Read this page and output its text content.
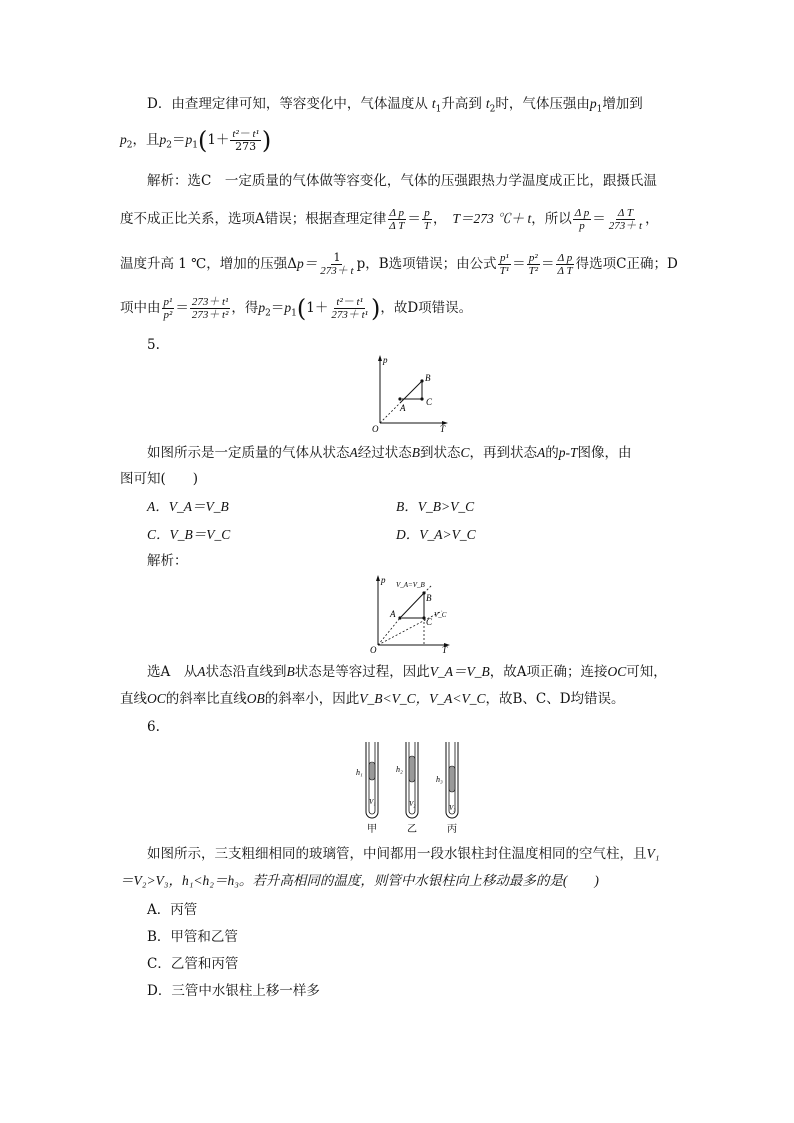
D．由查理定律可知，等容变化中，气体温度从 $t_1$升高到 $t_2$时，气体压强由$p_1$增加到
$p_2$，且$p_2=p_1(1+ \frac{\text{t²－ t¹}}{273}$ )
解析：选C　一定质量的气体做等容变化，气体的压强跟热力学温度成正比，跟摄氏温
度不成正比关系，选项A错误；根据查理定律 $\frac{\text{Δ p}}{\text{Δ T}} = \frac{p}{T}$ ， T＝273 ℃＋ t，所以 $\frac{\text{Δ p}}{p} = \frac{\text{Δ T}}{273+ t}$ ，
温度升高 1 ℃，增加的压强$\Delta p= \frac{1}{273+ t}$ p，B选项错误；由公式 $\frac{\text{p¹}}{\text{T¹}} = \frac{\text{p²}}{\text{T²}} = \frac{\text{Δ p}}{\text{Δ T}}$ 得选项C正确；D
项中由 $\frac{\text{p¹}}{\text{p²}} = \frac{\text{273＋ t¹}}{\text{273＋ t²}}$ ，得$p_2=p_1(1+ \frac{\text{t²－ t¹}}{\text{273＋ t¹}}$ )，故D项错误。
5.
p
T
O
A
B
C
如图所示是一定质量的气体从状态A经过状态B到状态C，再到状态A的p-T图像，由
图可知(　　)
A．V_A＝V_B	B．V_B>V_C
C．V_B＝V_C	D．V_A>V_C
解析：
p V_A=V_B
V_C
T
O
A
B
C
选A　从A状态沿直线到B状态是等容过程，因此V_A＝V_B，故A项正确；连接OC可知，
直线OC的斜率比直线OB的斜率小，因此V_B<V_C，V_A<V_C，故B、C、D均错误。
6.
h₁
V₁
甲
h₂
V₂
乙
h₃
V₃
丙
如图所示，三支粗细相同的玻璃管，中间都用一段水银柱封住温度相同的空气柱，且V₁
＝V₂>V₃，h₁<h₂＝h₃。若升高相同的温度，则管中水银柱向上移动最多的是(　　)
A．丙管
B．甲管和乙管
C．乙管和丙管
D．三管中水银柱上移一样多
